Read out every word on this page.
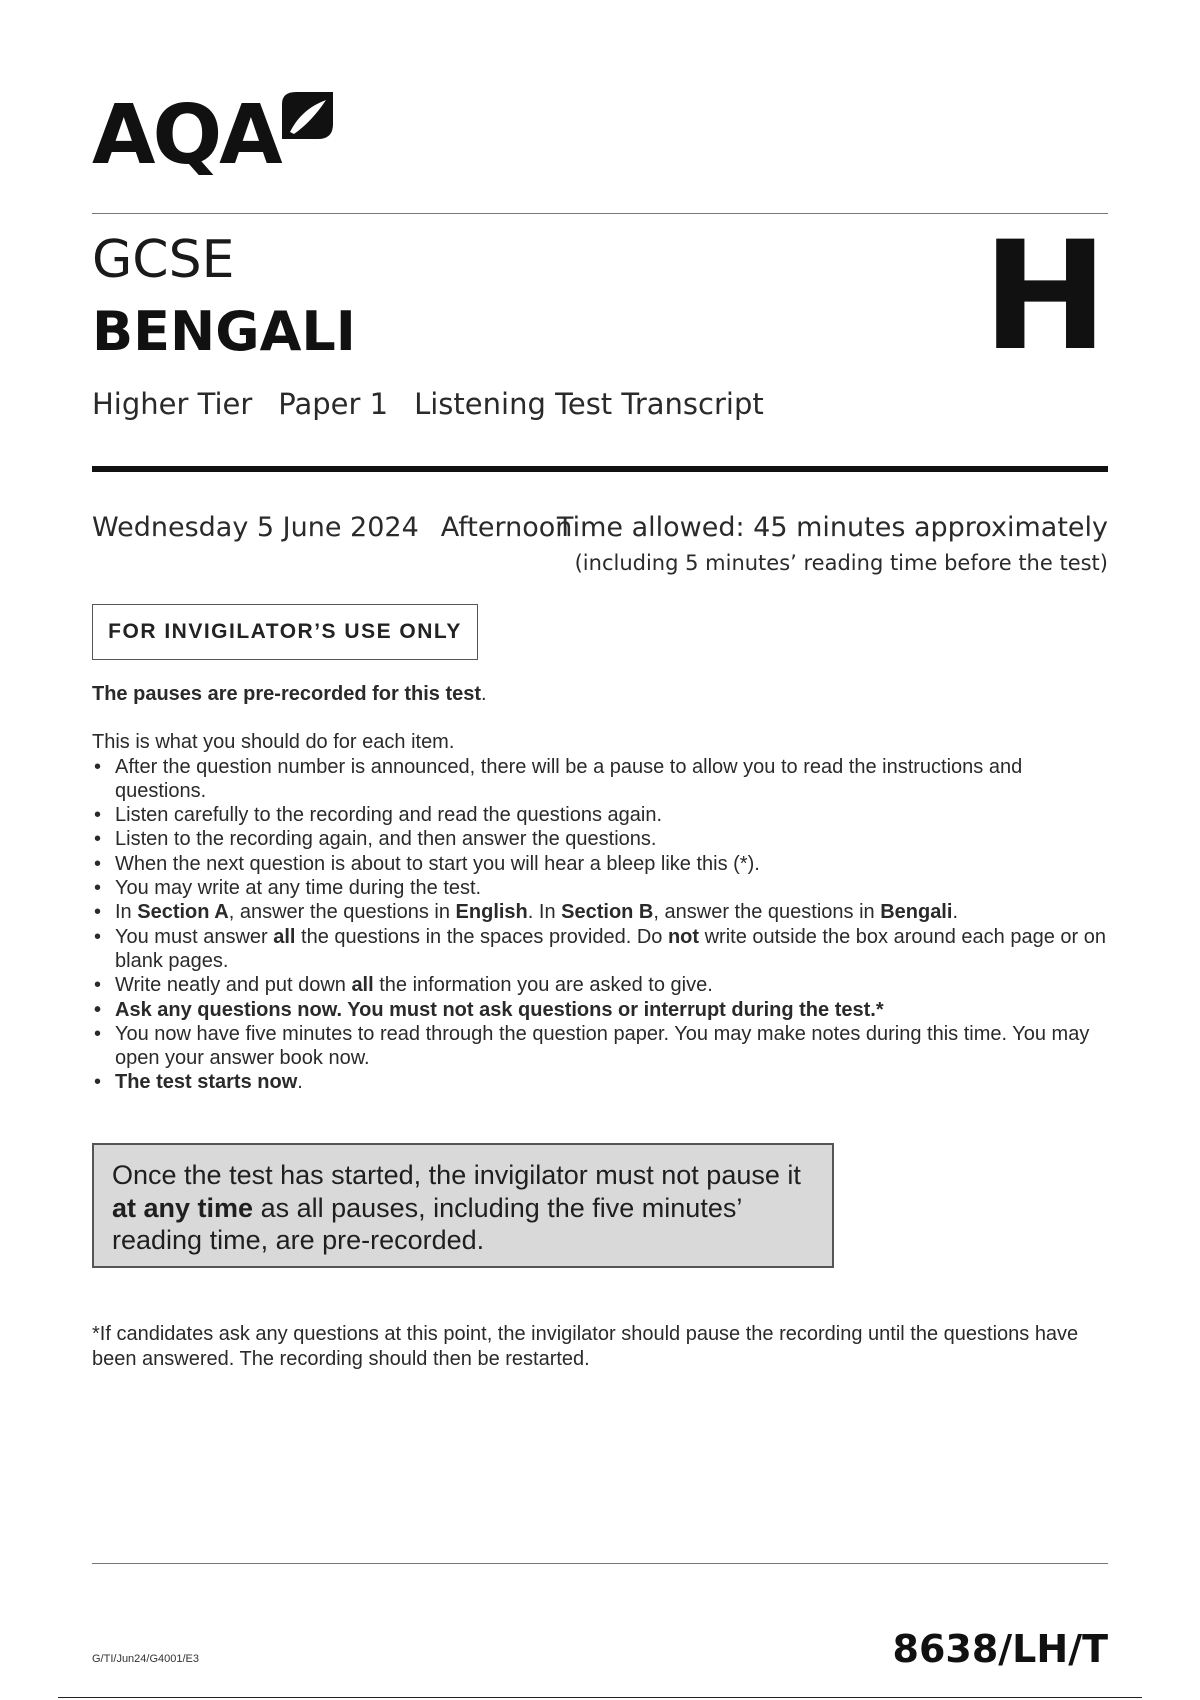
AQA
GCSE
BENGALI	H
Higher Tier Paper 1 Listening Test Transcript
Wednesday 5 June 2024 Afternoon
Time allowed: 45 minutes approximately
(including 5 minutes’ reading time before the test)
FOR INVIGILATOR’S USE ONLY

The pauses are pre-recorded for this test.

This is what you should do for each item.

• After the question number is announced, there will be a pause to allow you to read the instructions and questions.
• Listen carefully to the recording and read the questions again.
• Listen to the recording again, and then answer the questions.
• When the next question is about to start you will hear a bleep like this (*).
• You may write at any time during the test.
• In Section A, answer the questions in English. In Section B, answer the questions in Bengali.
• You must answer all the questions in the spaces provided. Do not write outside the box around each page or on blank pages.
• Write neatly and put down all the information you are asked to give.
• Ask any questions now. You must not ask questions or interrupt during the test.*
• You now have five minutes to read through the question paper. You may make notes during this time. You may open your answer book now.
• The test starts now.
Once the test has started, the invigilator must not pause it at any time as all pauses, including the five minutes’ reading time, are pre-recorded.
*If candidates ask any questions at this point, the invigilator should pause the recording until the questions have been answered. The recording should then be restarted.
G/TI/Jun24/G4001/E3	8638/LH/T
